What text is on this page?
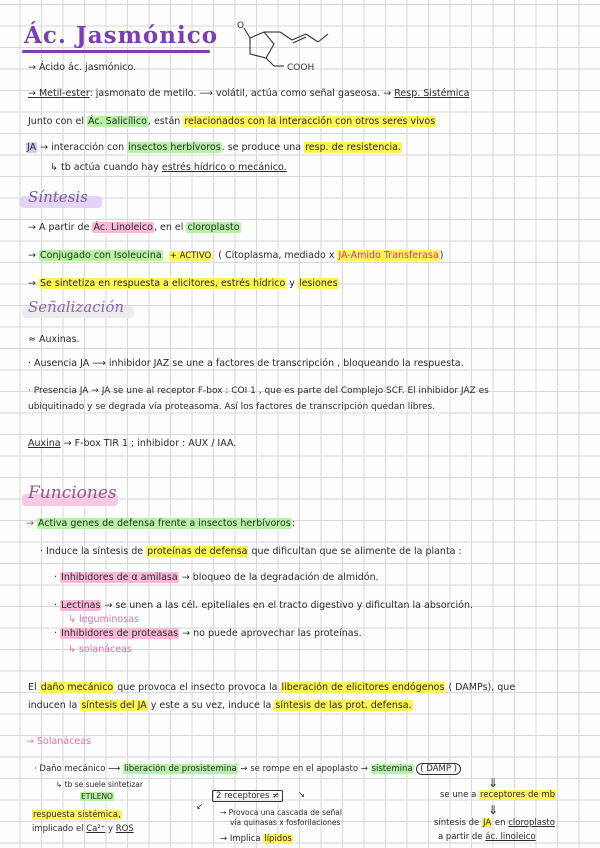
Ác. Jasmónico O
COOH
→ Ácido ác. jasmónico.
→ Metil-ester: jasmonato de metilo. ⟶ volátil, actúa como señal gaseosa. → Resp. Sistémica
Junto con el Ác. Salicílico, están relacionados con la interacción con otros seres vivos
JA → interacción con insectos herbívoros. se produce una resp. de resistencia.
↳ tb actúa cuando hay estrés hídrico o mecánico.
Síntesis
→ A partir de Ác. Linoleico, en el cloroplasto
→ Conjugado con Isoleucina + ACTIVO ( Citoplasma, mediado x JA-Amido Transferasa)
→ Se sintetiza en respuesta a elicitores, estrés hídrico y lesiones
Señalización
≈ Auxinas.
· Ausencia JA ⟶ inhibidor JAZ se une a factores de transcripción , bloqueando la respuesta.
· Presencia JA → JA se une al receptor F-box : COI 1 , que es parte del Complejo SCF. El inhibidor JAZ es
ubiquitinado y se degrada vía proteasoma. Así los factores de transcripción quedan libres.
Auxina → F-box TIR 1 ; inhibidor : AUX / IAA.
Funciones
→ Activa genes de defensa frente a insectos herbívoros:
· Induce la síntesis de proteínas de defensa que dificultan que se alimente de la planta :
· Inhibidores de α amilasa → bloqueo de la degradación de almidón.
· Lectinas → se unen a las cél. epiteliales en el tracto digestivo y dificultan la absorción.
↳ leguminosas
· Inhibidores de proteasas → no puede aprovechar las proteínas.
↳ solanáceas
El daño mecánico que provoca el insecto provoca la liberación de elicitores endógenos ( DAMPs), que
inducen la síntesis del JA y este a su vez, induce la síntesis de las prot. defensa.
→ Solanáceas
· Daño mecánico ⟶ liberación de prosistemina → se rompe en el apoplasto → sistemina ( DAMP )
↳ tb se suele sintetizar
ETILENO
respuesta sistémica,
implicado el Ca²⁺ y ROS
2 receptores ≠
↙
↘	se une a receptores de mb
⇓
⇓
→ Provoca una cascada de señal
vía quinasas x fosforilaciones
→ Implica lípidos
síntesis de JA en cloroplasto
a partir de ác. linoleico
